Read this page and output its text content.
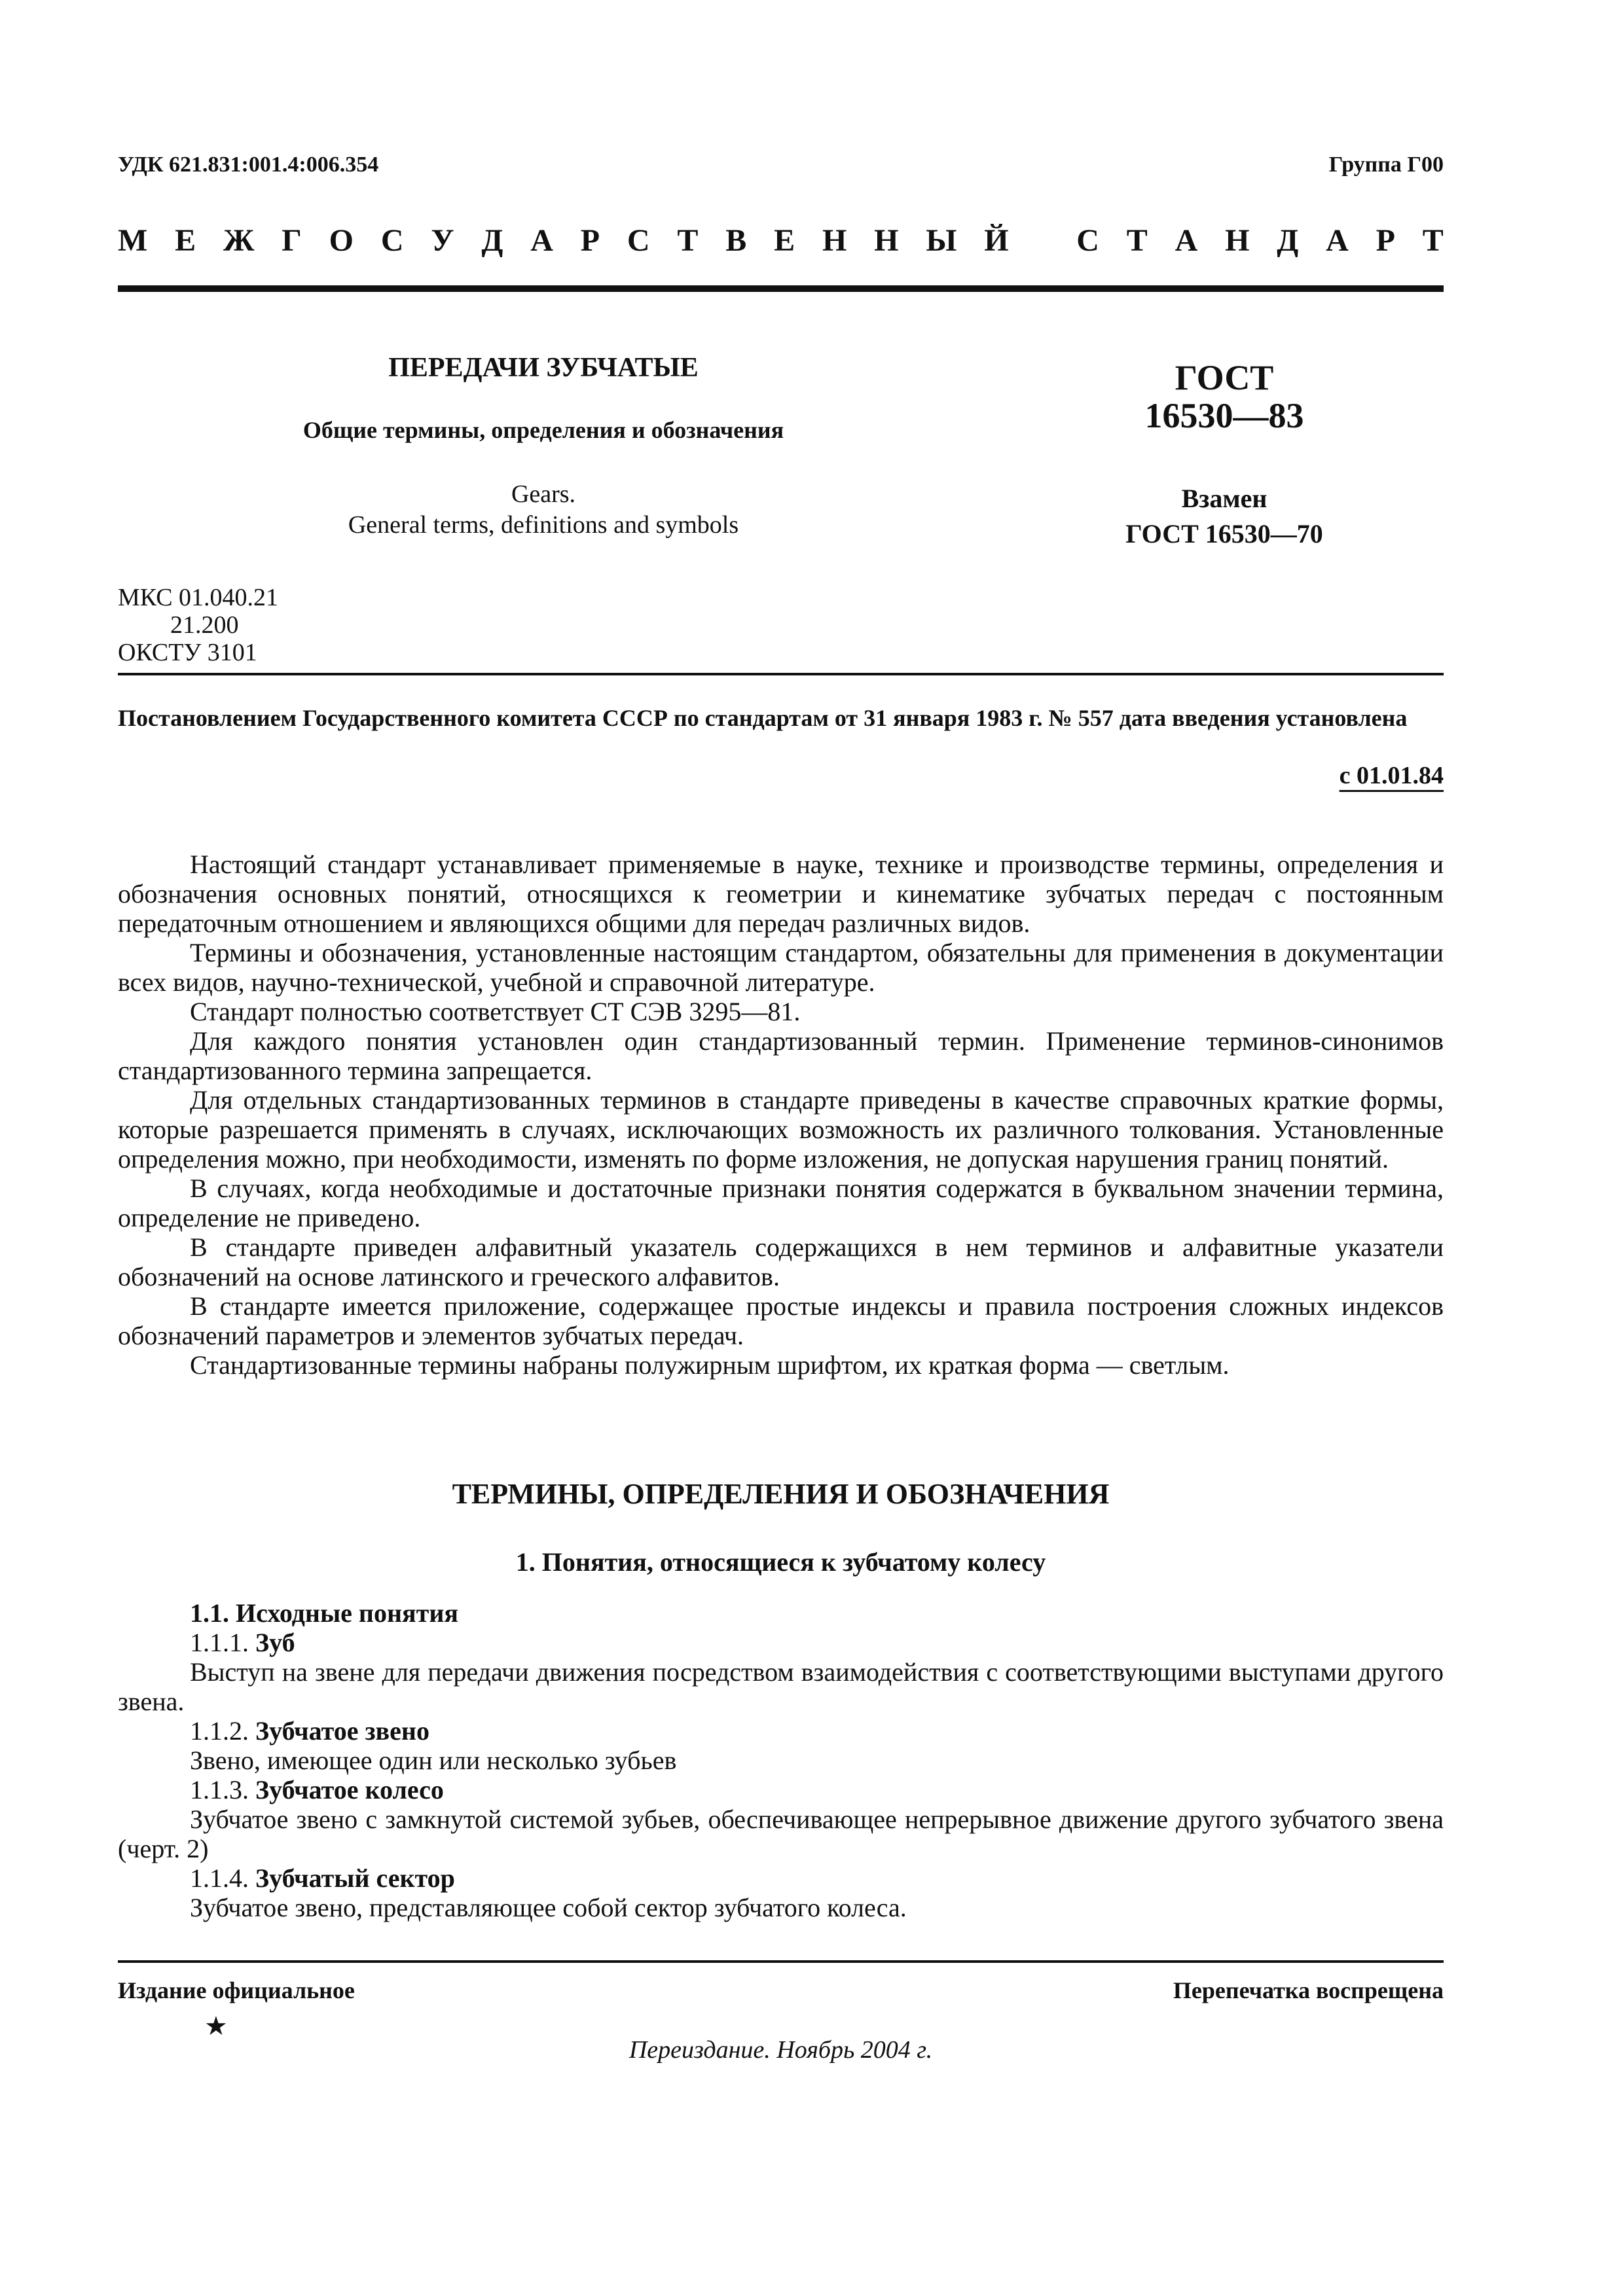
УДК 621.831:001.4:006.354	Группа Г00
М Е Ж Г О С У Д А Р С Т В Е Н Н Ы Й С Т А Н Д А Р Т
ПЕРЕДАЧИ ЗУБЧАТЫЕ
Общие термины, определения и обозначения
Gears.
General terms, definitions and symbols
ГОСТ
16530—83
Взамен
ГОСТ 16530—70
МКС 01.040.21
21.200
ОКСТУ 3101
Постановлением Государственного комитета СССР по стандартам от 31 января 1983 г. № 557 дата введения установлена
с 01.01.84

Настоящий стандарт устанавливает применяемые в науке, технике и производстве термины, определения и обозначения основных понятий, относящихся к геометрии и кинематике зубчатых передач с постоянным передаточным отношением и являющихся общими для передач различных видов.

Термины и обозначения, установленные настоящим стандартом, обязательны для применения в документации всех видов, научно-технической, учебной и справочной литературе.

Стандарт полностью соответствует СТ СЭВ 3295—81.

Для каждого понятия установлен один стандартизованный термин. Применение терминов-синонимов стандартизованного термина запрещается.

Для отдельных стандартизованных терминов в стандарте приведены в качестве справочных краткие формы, которые разрешается применять в случаях, исключающих возможность их различного толкования. Установленные определения можно, при необходимости, изменять по форме изложения, не допуская нарушения границ понятий.

В случаях, когда необходимые и достаточные признаки понятия содержатся в буквальном значении термина, определение не приведено.

В стандарте приведен алфавитный указатель содержащихся в нем терминов и алфавитные указатели обозначений на основе латинского и греческого алфавитов.

В стандарте имеется приложение, содержащее простые индексы и правила построения сложных индексов обозначений параметров и элементов зубчатых передач.

Стандартизованные термины набраны полужирным шрифтом, их краткая форма — светлым.

ТЕРМИНЫ, ОПРЕДЕЛЕНИЯ И ОБОЗНАЧЕНИЯ
1. Понятия, относящиеся к зубчатому колесу
1.1. Исходные понятия
1.1.1. Зуб

Выступ на звене для передачи движения посредством взаимодействия с соответствующими выступами другого звена.

1.1.2. Зубчатое звено

Звено, имеющее один или несколько зубьев

1.1.3. Зубчатое колесо

Зубчатое звено с замкнутой системой зубьев, обеспечивающее непрерывное движение другого зубчатого звена (черт. 2)

1.1.4. Зубчатый сектор

Зубчатое звено, представляющее собой сектор зубчатого колеса.

Издание официальное
★
Перепечатка воспрещена
Переиздание. Ноябрь 2004 г.
